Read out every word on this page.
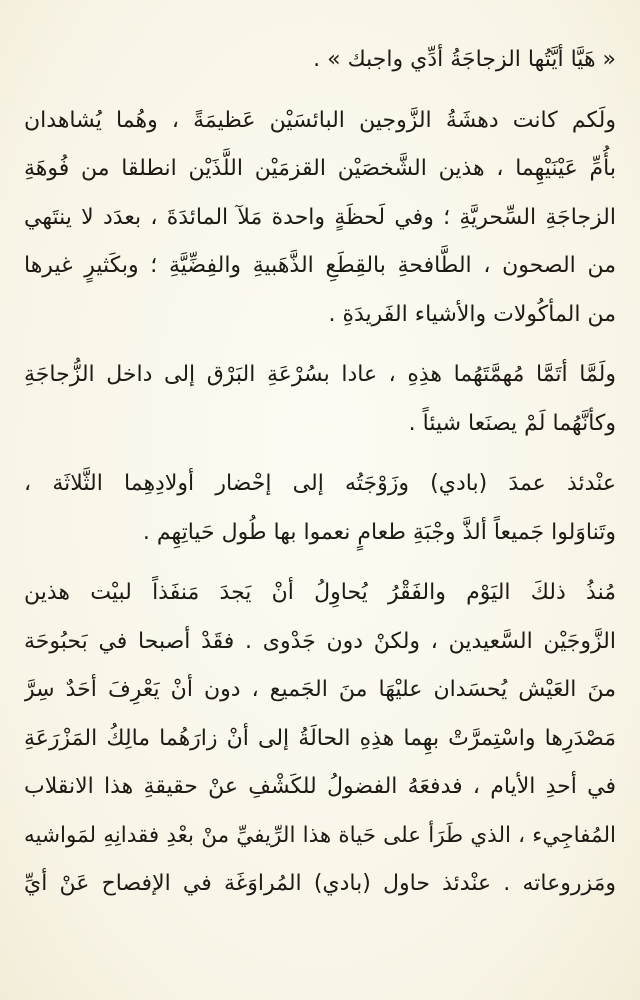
« هَيَّا أيَّتُها الزجاجَةُ أدِّي واجبك » .
ولَكم كانت دهشَةُ الزَّوجين البائسَيْن عَظيمَةً ، وهُما يُشاهدان
بأُمِّ عَيْنَيْهِما ، هذين الشَّخصَيْن القزمَيْن اللَّذَيْن انطلقا من فُوهَةِ
الزجاجَةِ السِّحريَّةِ ؛ وفي لَحظَةٍ واحدة مَلآ المائدَةَ ، بعدَد لا ينتَهي
من الصحون ، الطَّافحةِ بالقِطَعِ الذَّهَبيةِ والفِضِّيَّةِ ؛ وبكَثيرٍ غيرها
من المأكُولات والأشياء الفَريدَةِ .
ولَمَّا أتَمَّا مُهمَّتَهُما هذِهِ ، عادا بسُرْعَةِ البَرْق إلى داخل الزُّجاجَةِ
وكأنَّهُما لَمْ يصنَعا شيئاً .
عنْدئذ عمدَ (بادي) وزَوْجَتُه إلى إحْضار أولادِهِما الثَّلاثَة ،
وتَناوَلوا جَميعاً ألذَّ وجْبَةِ طعامٍ نعموا بها طُول حَياتِهِم .
مُنذُ ذلكَ اليَوْم والفَقْرُ يُحاوِلُ أنْ يَجدَ مَنفَذاً لبيْت هذين
الزَّوجَيْن السَّعيدين ، ولكنْ دون جَدْوى . فقَدْ أصبحا في بَحبُوحَة
منَ العَيْش يُحسَدان عليْهَا منَ الجَميع ، دون أنْ يَعْرِفَ أحَدٌ سِرَّ
مَصْدَرِها واسْتِمرَّتْ بهِما هذِهِ الحالَةُ إلى أنْ زارَهُما مالِكُ المَزْرَعَةِ
في أحدِ الأيام ، فدفعَهُ الفضولُ للكَشْفِ عنْ حقيقةِ هذا الانقلاب
المُفاجِيء ، الذي طَرَأ على حَياة هذا الرِّيفيِّ منْ بعْدِ فقدانِهِ لمَواشيه
ومَزروعاته . عنْدئذ حاول (بادي) المُراوَغَة في الإفصاح عَنْ أيِّ
